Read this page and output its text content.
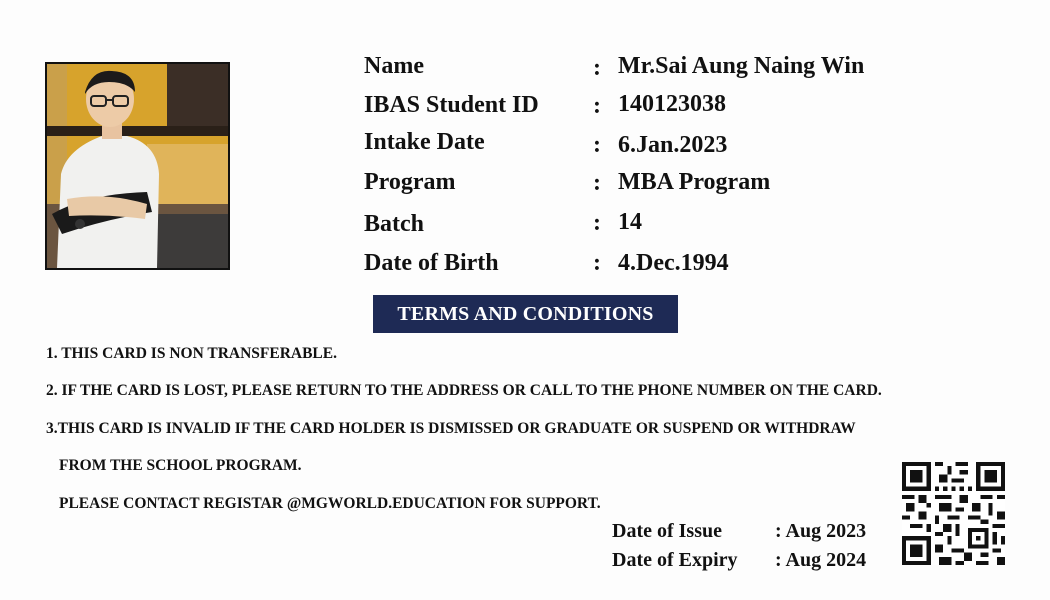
Name	: Mr.Sai Aung Naing Win
IBAS Student ID : 140123038
Intake Date	: 6.Jan.2023
Program	: MBA Program
Batch	: 14
Date of Birth	: 4.Dec.1994
TERMS AND CONDITIONS
1. THIS CARD IS NON TRANSFERABLE.
2. IF THE CARD IS LOST, PLEASE RETURN TO THE ADDRESS OR CALL TO THE PHONE NUMBER ON THE CARD.
3.THIS CARD IS INVALID IF THE CARD HOLDER IS DISMISSED OR GRADUATE OR SUSPEND OR WITHDRAW
FROM THE SCHOOL PROGRAM.
PLEASE CONTACT REGISTAR @MGWORLD.EDUCATION FOR SUPPORT.
Date of Issue	: Aug 2023
Date of Expiry : Aug 2024
